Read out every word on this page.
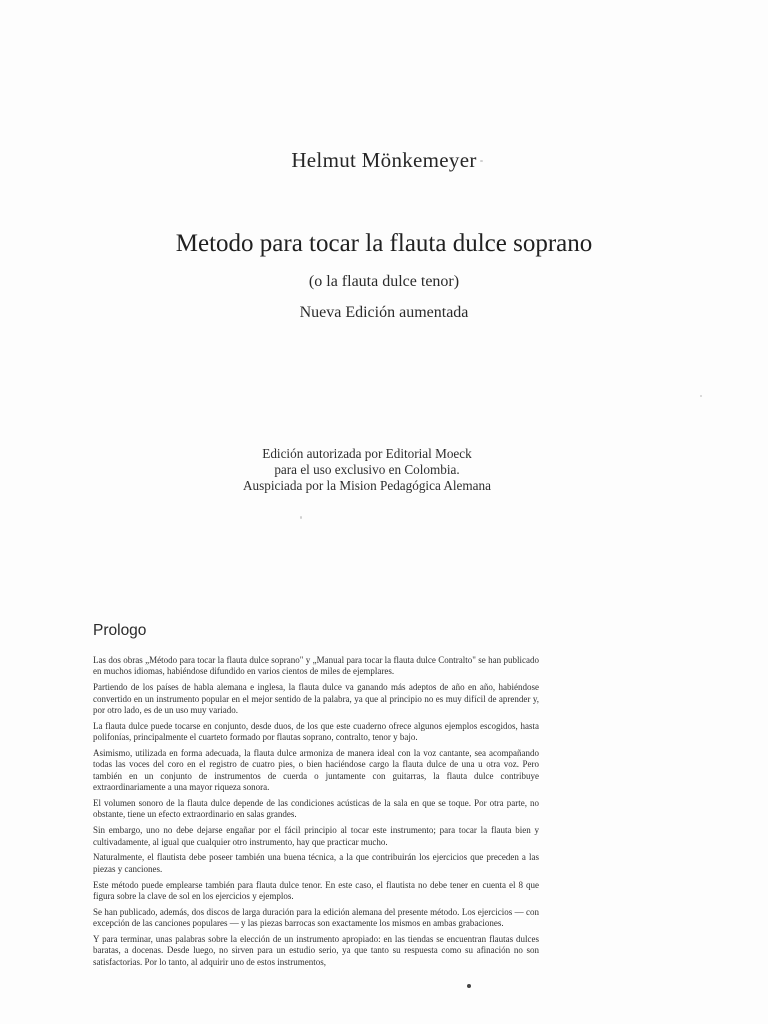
Helmut Mönkemeyer
Metodo para tocar la flauta dulce soprano
(o la flauta dulce tenor)
Nueva Edición aumentada
Edición autorizada por Editorial Moeck
para el uso exclusivo en Colombia.
Auspiciada por la Mision Pedagógica Alemana
Prologo

Las dos obras „Método para tocar la flauta dulce soprano" y „Manual para tocar la flauta dulce Contralto" se han publicado en muchos idiomas, habiéndose difundido en varios cientos de miles de ejemplares.

Partiendo de los países de habla alemana e inglesa, la flauta dulce va ganando más adeptos de año en año, habiéndose convertido en un instrumento popular en el mejor sentido de la palabra, ya que al principio no es muy difícil de aprender y, por otro lado, es de un uso muy variado.

La flauta dulce puede tocarse en conjunto, desde duos, de los que este cuaderno ofrece algunos ejemplos escogidos, hasta polifonías, principalmente el cuarteto formado por flautas soprano, contralto, tenor y bajo.

Asimismo, utilizada en forma adecuada, la flauta dulce armoniza de manera ideal con la voz cantante, sea acompañando todas las voces del coro en el registro de cuatro pies, o bien haciéndose cargo la flauta dulce de una u otra voz. Pero también en un conjunto de instrumentos de cuerda o juntamente con guitarras, la flauta dulce contribuye extraordinariamente a una mayor riqueza sonora.

El volumen sonoro de la flauta dulce depende de las condiciones acústicas de la sala en que se toque. Por otra parte, no obstante, tiene un efecto extraordinario en salas grandes.

Sin embargo, uno no debe dejarse engañar por el fácil principio al tocar este instrumento; para tocar la flauta bien y cultivadamente, al igual que cualquier otro instrumento, hay que practicar mucho.

Naturalmente, el flautista debe poseer también una buena técnica, a la que contribuirán los ejercicios que preceden a las piezas y canciones.

Este método puede emplearse también para flauta dulce tenor. En este caso, el flautista no debe tener en cuenta el 8 que figura sobre la clave de sol en los ejercicios y ejemplos.

Se han publicado, además, dos discos de larga duración para la edición alemana del presente método. Los ejercicios — con excepción de las canciones populares — y las piezas barrocas son exactamente los mismos en ambas grabaciones.

Y para terminar, unas palabras sobre la elección de un instrumento apropiado: en las tiendas se encuentran flautas dulces baratas, a docenas. Desde luego, no sirven para un estudio serio, ya que tanto su respuesta como su afinación no son satisfactorias. Por lo tanto, al adquirir uno de estos instrumentos,
